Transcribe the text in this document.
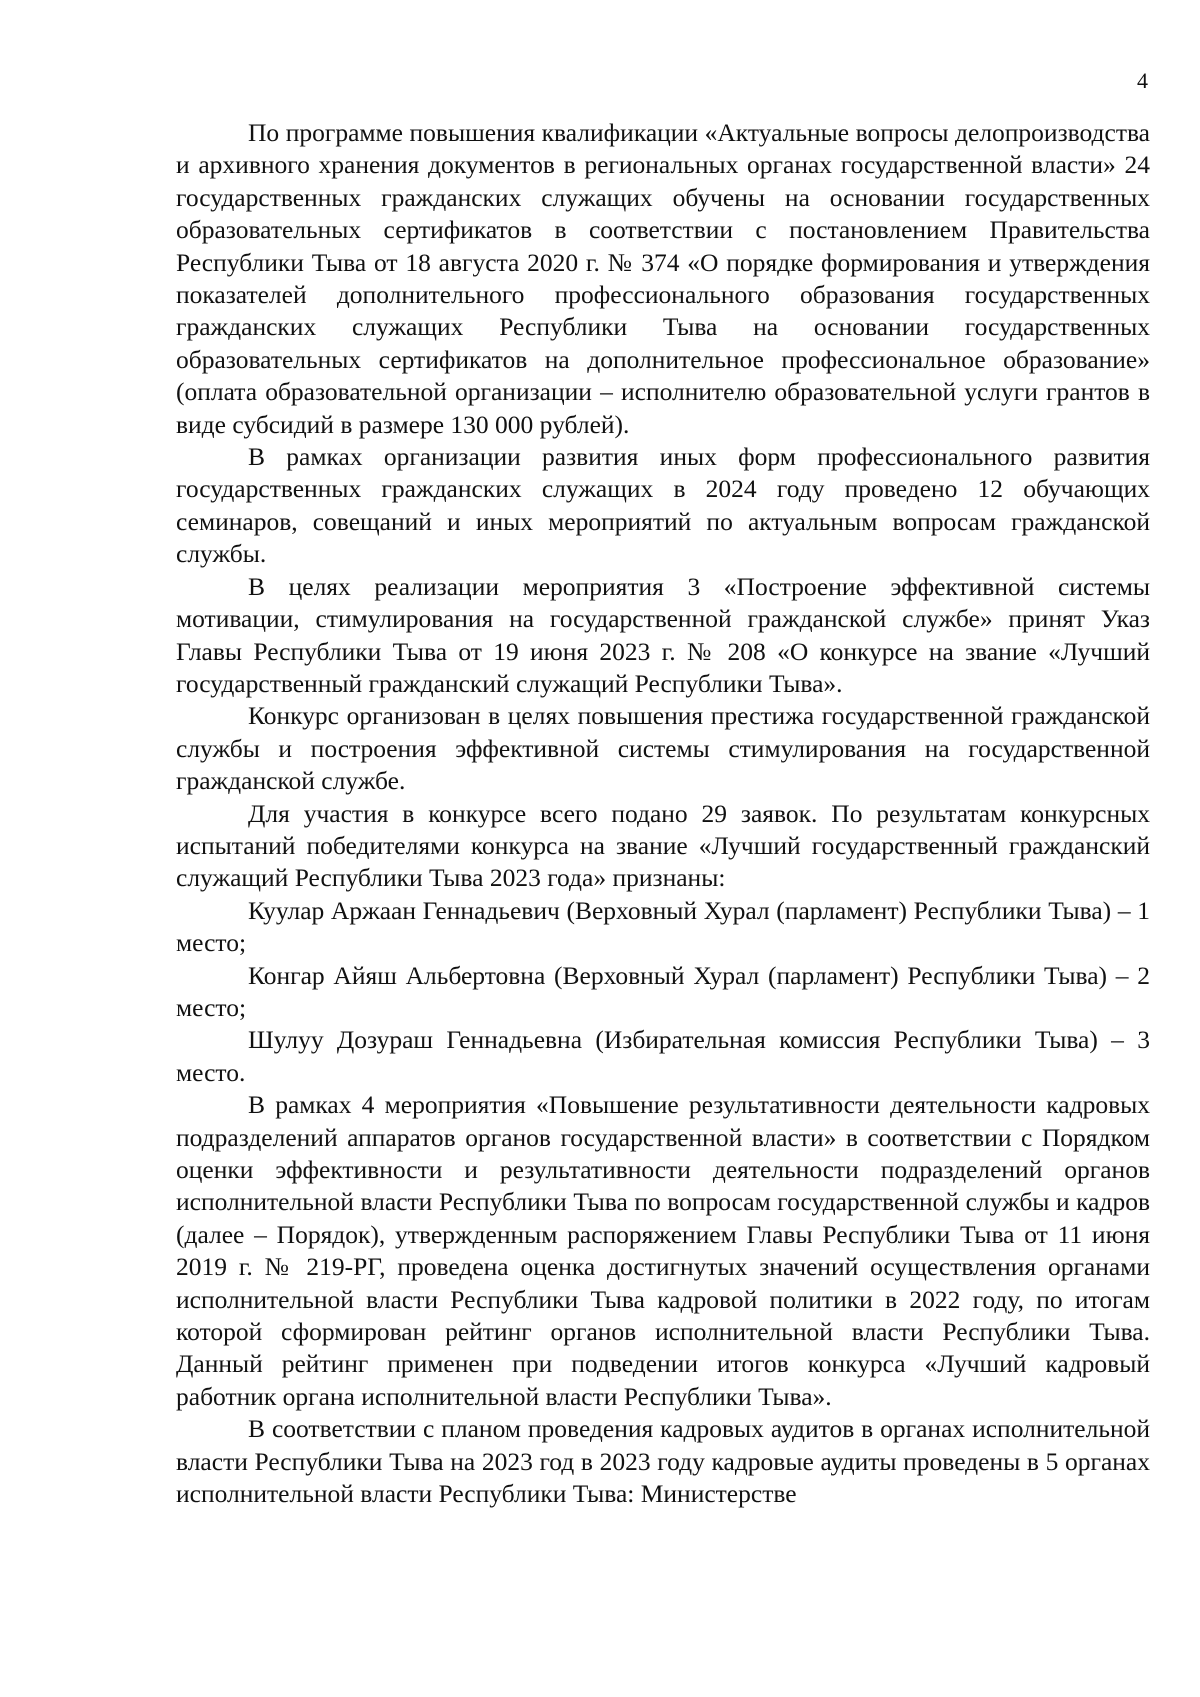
4

По программе повышения квалификации «Актуальные вопросы делопроизводства и архивного хранения документов в региональных органах государственной власти» 24 государственных гражданских служащих обучены на основании государственных образовательных сертификатов в соответствии с постановлением Правительства Республики Тыва от 18 августа 2020 г. № 374 «О порядке формирования и утверждения показателей дополнительного профессионального образования государственных гражданских служащих Республики Тыва на основании государственных образовательных сертификатов на дополнительное профессиональное образование» (оплата образовательной организации – исполнителю образовательной услуги грантов в виде субсидий в размере 130 000 рублей).

В рамках организации развития иных форм профессионального развития государственных гражданских служащих в 2024 году проведено 12 обучающих семинаров, совещаний и иных мероприятий по актуальным вопросам гражданской службы.

В целях реализации мероприятия 3 «Построение эффективной системы мотивации, стимулирования на государственной гражданской службе» принят Указ Главы Республики Тыва от 19 июня 2023 г. № 208 «О конкурсе на звание «Лучший государственный гражданский служащий Республики Тыва».

Конкурс организован в целях повышения престижа государственной гражданской службы и построения эффективной системы стимулирования на государственной гражданской службе.

Для участия в конкурсе всего подано 29 заявок. По результатам конкурсных испытаний победителями конкурса на звание «Лучший государственный гражданский служащий Республики Тыва 2023 года» признаны:

Куулар Аржаан Геннадьевич (Верховный Хурал (парламент) Республики Тыва) – 1 место;

Конгар Айяш Альбертовна (Верховный Хурал (парламент) Республики Тыва) – 2 место;

Шулуу Дозураш Геннадьевна (Избирательная комиссия Республики Тыва) – 3 место.

В рамках 4 мероприятия «Повышение результативности деятельности кадровых подразделений аппаратов органов государственной власти» в соответствии с Порядком оценки эффективности и результативности деятельности подразделений органов исполнительной власти Республики Тыва по вопросам государственной службы и кадров (далее – Порядок), утвержденным распоряжением Главы Республики Тыва от 11 июня 2019 г. № 219-РГ, проведена оценка достигнутых значений осуществления органами исполнительной власти Республики Тыва кадровой политики в 2022 году, по итогам которой сформирован рейтинг органов исполнительной власти Республики Тыва. Данный рейтинг применен при подведении итогов конкурса «Лучший кадровый работник органа исполнительной власти Республики Тыва».

В соответствии с планом проведения кадровых аудитов в органах исполнительной власти Республики Тыва на 2023 год в 2023 году кадровые аудиты проведены в 5 органах исполнительной власти Республики Тыва: Министерстве
